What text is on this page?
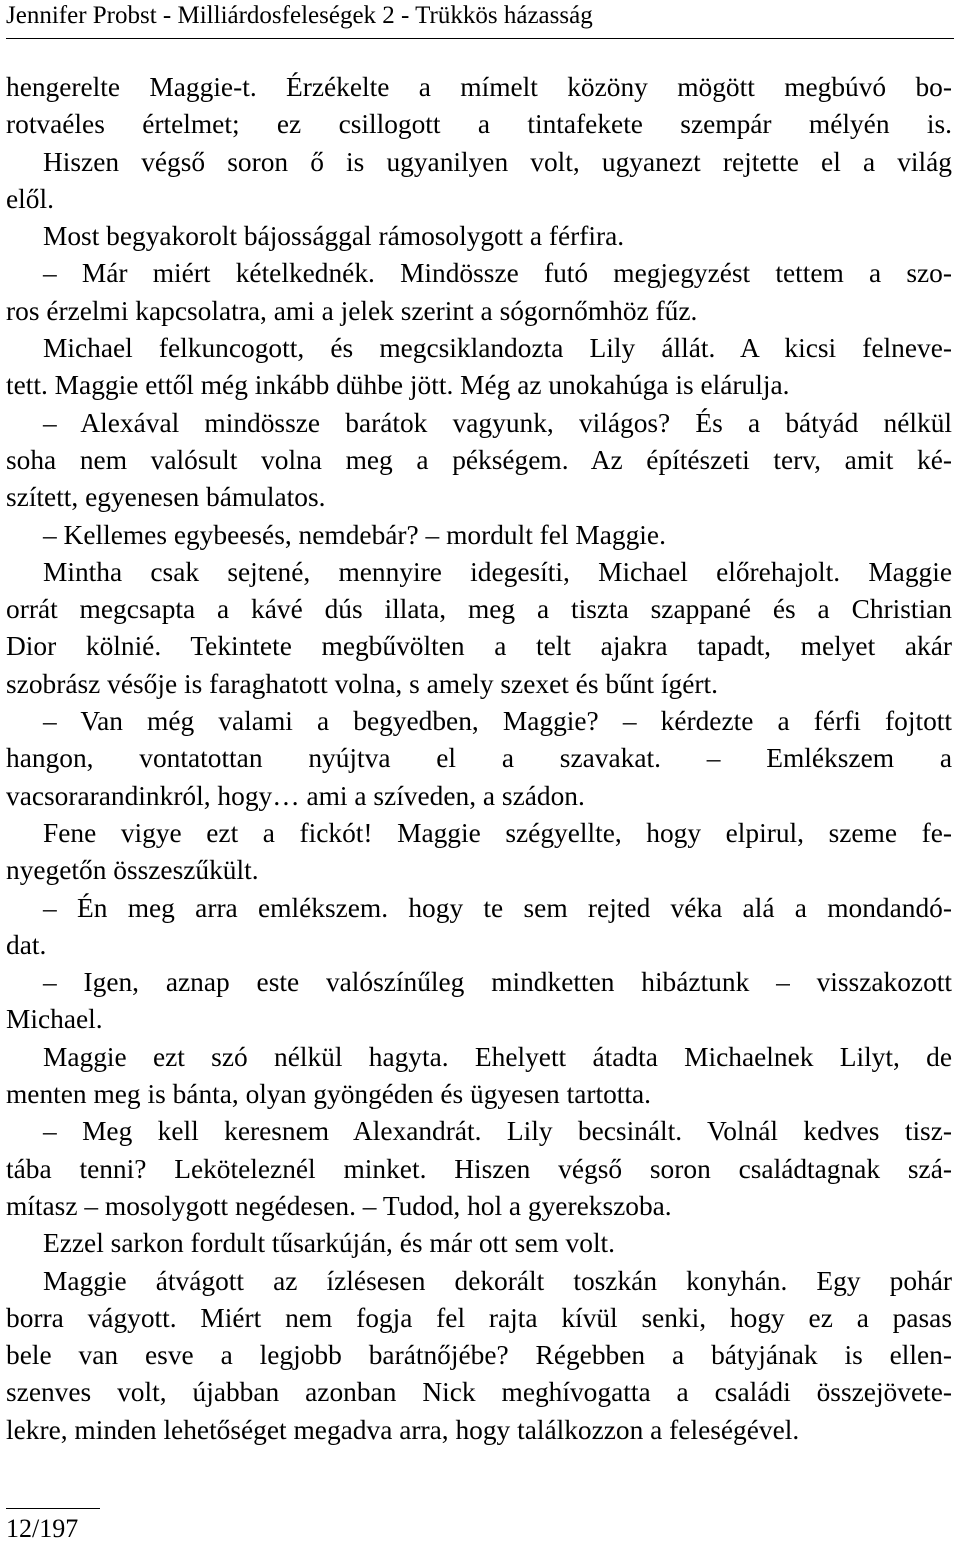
Jennifer Probst - Milliárdosfeleségek 2 - Trükkös házasság
hengerelte Maggie-t. Érzékelte a mímelt közöny mögött megbúvó bo-
rotvaéles értelmet; ez csillogott a tintafekete szempár mélyén is.
Hiszen végső soron ő is ugyanilyen volt, ugyanezt rejtette el a világ
elől.
Most begyakorolt bájossággal rámosolygott a férfira.
– Már miért kételkednék. Mindössze futó megjegyzést tettem a szo-
ros érzelmi kapcsolatra, ami a jelek szerint a sógornőmhöz fűz.
Michael felkuncogott, és megcsiklandozta Lily állát. A kicsi felneve-
tett. Maggie ettől még inkább dühbe jött. Még az unokahúga is elárulja.
– Alexával mindössze barátok vagyunk, világos? És a bátyád nélkül
soha nem valósult volna meg a pékségem. Az építészeti terv, amit ké-
szített, egyenesen bámulatos.
– Kellemes egybeesés, nemdebár? – mordult fel Maggie.
Mintha csak sejtené, mennyire idegesíti, Michael előrehajolt. Maggie
orrát megcsapta a kávé dús illata, meg a tiszta szappané és a Christian
Dior kölnié. Tekintete megbűvölten a telt ajakra tapadt, melyet akár
szobrász vésője is faraghatott volna, s amely szexet és bűnt ígért.
– Van még valami a begyedben, Maggie? – kérdezte a férfi fojtott
hangon, vontatottan nyújtva el a szavakat. – Emlékszem a
vacsorarandinkról, hogy… ami a szíveden, a szádon.
Fene vigye ezt a fickót! Maggie szégyellte, hogy elpirul, szeme fe-
nyegetőn összeszűkült.
– Én meg arra emlékszem. hogy te sem rejted véka alá a mondandó-
dat.
– Igen, aznap este valószínűleg mindketten hibáztunk – visszakozott
Michael.
Maggie ezt szó nélkül hagyta. Ehelyett átadta Michaelnek Lilyt, de
menten meg is bánta, olyan gyöngéden és ügyesen tartotta.
– Meg kell keresnem Alexandrát. Lily becsinált. Volnál kedves tisz-
tába tenni? Leköteleznél minket. Hiszen végső soron családtagnak szá-
mítasz – mosolygott negédesen. – Tudod, hol a gyerekszoba.
Ezzel sarkon fordult tűsarkúján, és már ott sem volt.
Maggie átvágott az ízlésesen dekorált toszkán konyhán. Egy pohár
borra vágyott. Miért nem fogja fel rajta kívül senki, hogy ez a pasas
bele van esve a legjobb barátnőjébe? Régebben a bátyjának is ellen-
szenves volt, újabban azonban Nick meghívogatta a családi összejövete-
lekre, minden lehetőséget megadva arra, hogy találkozzon a feleségével.
12/197
